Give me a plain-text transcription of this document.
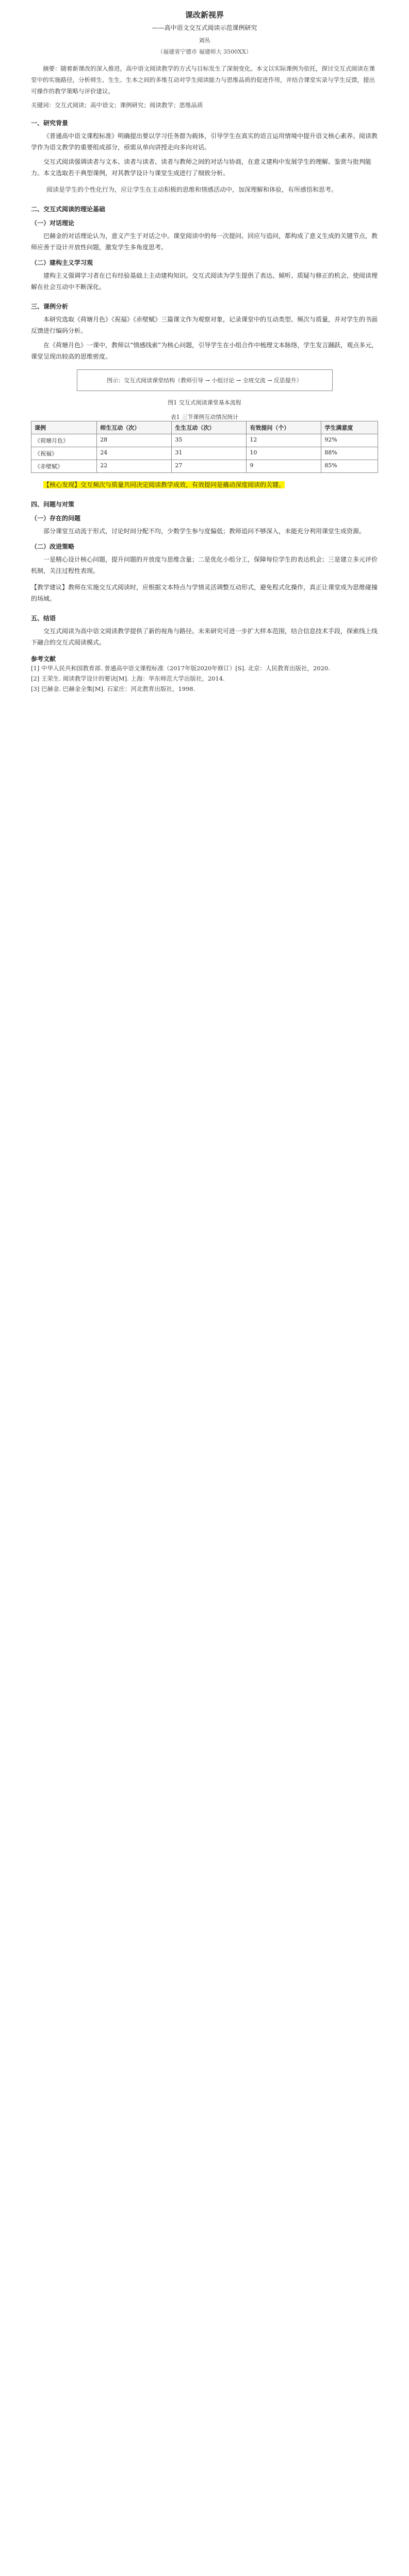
课改新视界
——高中语文交互式阅读示范课例研究
刘丛
（福建省宁德市 福建师大 3500XX）
摘要：随着新课改的深入推进，高中语文阅读教学的方式与目标发生了深刻变化。本文以实际课例为依托，探讨交互式阅读在课堂中的实施路径，分析师生、生生、生本之间的多维互动对学生阅读能力与思维品质的促进作用，并结合课堂实录与学生反馈，提出可操作的教学策略与评价建议。
关键词：交互式阅读；高中语文；课例研究；阅读教学；思维品质
一、研究背景
《普通高中语文课程标准》明确提出要以学习任务群为载体，引导学生在真实的语言运用情境中提升语文核心素养。阅读教学作为语文教学的重要组成部分，亟需从单向讲授走向多向对话。
交互式阅读强调读者与文本、读者与读者、读者与教师之间的对话与协商，在意义建构中发展学生的理解、鉴赏与批判能力。本文选取若干典型课例，对其教学设计与课堂生成进行了细致分析。
阅读是学生的个性化行为，应让学生在主动积极的思维和情感活动中，加深理解和体验，有所感悟和思考。
二、交互式阅读的理论基础
（一）对话理论
巴赫金的对话理论认为，意义产生于对话之中。课堂阅读中的每一次提问、回应与追问，都构成了意义生成的关键节点，教师应善于设计开放性问题，激发学生多角度思考。
（二）建构主义学习观
建构主义强调学习者在已有经验基础上主动建构知识。交互式阅读为学生提供了表达、倾听、质疑与修正的机会，使阅读理解在社会互动中不断深化。
三、课例分析
本研究选取《荷塘月色》《祝福》《赤壁赋》三篇课文作为观察对象，记录课堂中的互动类型、频次与质量，并对学生的书面反馈进行编码分析。
在《荷塘月色》一课中，教师以“情感线索”为核心问题，引导学生在小组合作中梳理文本脉络，学生发言踊跃，观点多元，课堂呈现出较高的思维密度。
图示：交互式阅读课堂结构（教师引导 → 小组讨论 → 全班交流 → 反思提升）
图1 交互式阅读课堂基本流程
表1 三节课例互动情况统计
课例	师生互动（次）	生生互动（次）	有效提问（个）	学生满意度
《荷塘月色》	28	35	12	92%
《祝福》	24	31	10	88%
《赤壁赋》	22	27	9	85%
【核心发现】交互频次与质量共同决定阅读教学成效，有效提问是撬动深度阅读的关键。
四、问题与对策
（一）存在的问题
部分课堂互动流于形式，讨论时间分配不均，少数学生参与度偏低；教师追问不够深入，未能充分利用课堂生成资源。
（二）改进策略
一是精心设计核心问题，提升问题的开放度与思维含量；二是优化小组分工，保障每位学生的表达机会；三是建立多元评价机制，关注过程性表现。
【教学建议】教师在实施交互式阅读时，应根据文本特点与学情灵活调整互动形式，避免程式化操作，真正让课堂成为思维碰撞的场域。
五、结语
交互式阅读为高中语文阅读教学提供了新的视角与路径。未来研究可进一步扩大样本范围，结合信息技术手段，探索线上线下融合的交互式阅读模式。
参考文献
[1] 中华人民共和国教育部. 普通高中语文课程标准（2017年版2020年修订）[S]. 北京：人民教育出版社，2020.
[2] 王荣生. 阅读教学设计的要诀[M]. 上海：华东师范大学出版社，2014.
[3] 巴赫金. 巴赫金全集[M]. 石家庄：河北教育出版社，1998.
